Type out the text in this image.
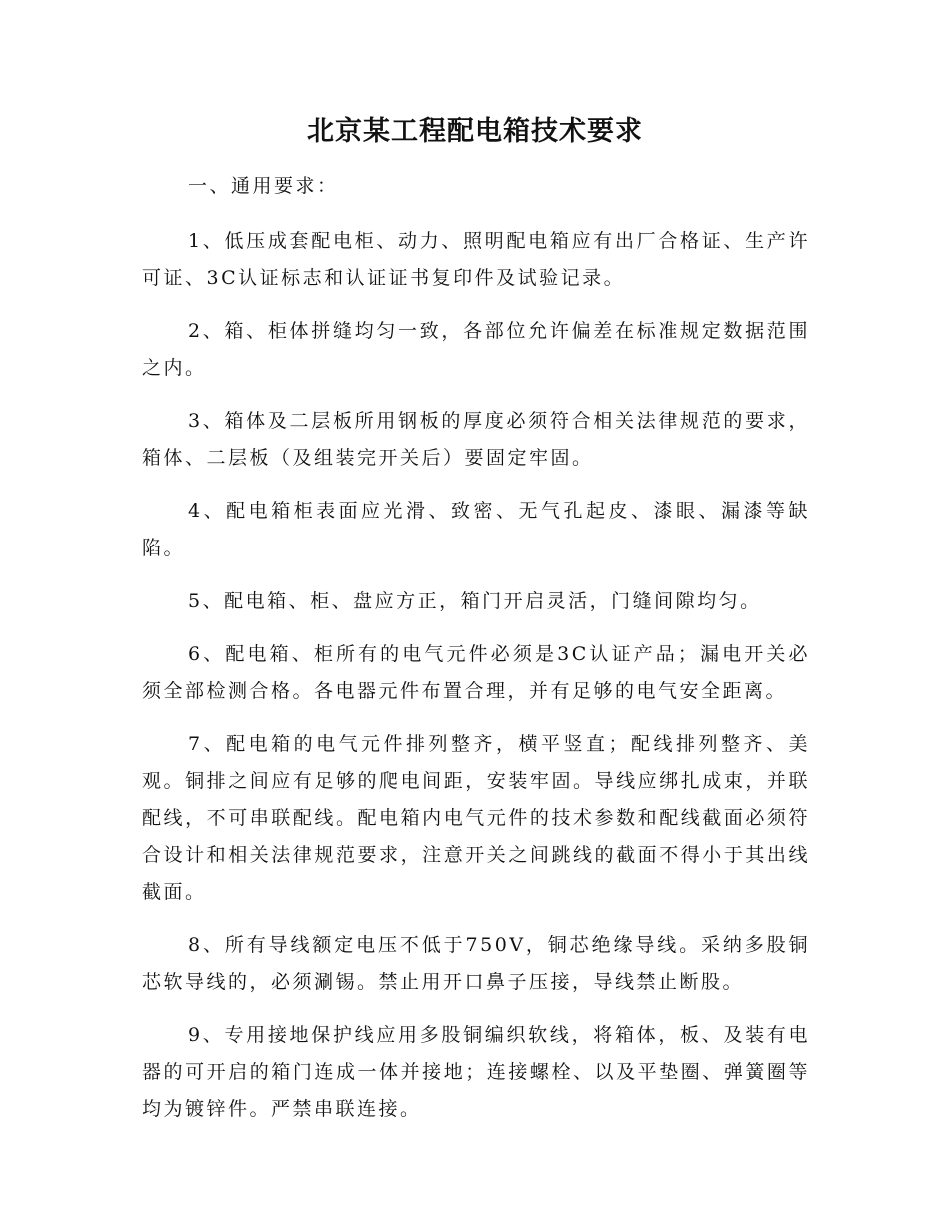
北京某工程配电箱技术要求

一、通用要求：

1、低压成套配电柜、动力、照明配电箱应有出厂合格证、生产许可证、3C认证标志和认证证书复印件及试验记录。

2、箱、柜体拼缝均匀一致，各部位允许偏差在标准规定数据范围之内。

3、箱体及二层板所用钢板的厚度必须符合相关法律规范的要求，箱体、二层板（及组装完开关后）要固定牢固。

4、配电箱柜表面应光滑、致密、无气孔起皮、漆眼、漏漆等缺陷。

5、配电箱、柜、盘应方正，箱门开启灵活，门缝间隙均匀。

6、配电箱、柜所有的电气元件必须是3C认证产品；漏电开关必须全部检测合格。各电器元件布置合理，并有足够的电气安全距离。

7、配电箱的电气元件排列整齐，横平竖直；配线排列整齐、美观。铜排之间应有足够的爬电间距，安装牢固。导线应绑扎成束，并联配线，不可串联配线。配电箱内电气元件的技术参数和配线截面必须符合设计和相关法律规范要求，注意开关之间跳线的截面不得小于其出线截面。

8、所有导线额定电压不低于750V，铜芯绝缘导线。采纳多股铜芯软导线的，必须涮锡。禁止用开口鼻子压接，导线禁止断股。

9、专用接地保护线应用多股铜编织软线，将箱体，板、及装有电器的可开启的箱门连成一体并接地；连接螺栓、以及平垫圈、弹簧圈等均为镀锌件。严禁串联连接。
